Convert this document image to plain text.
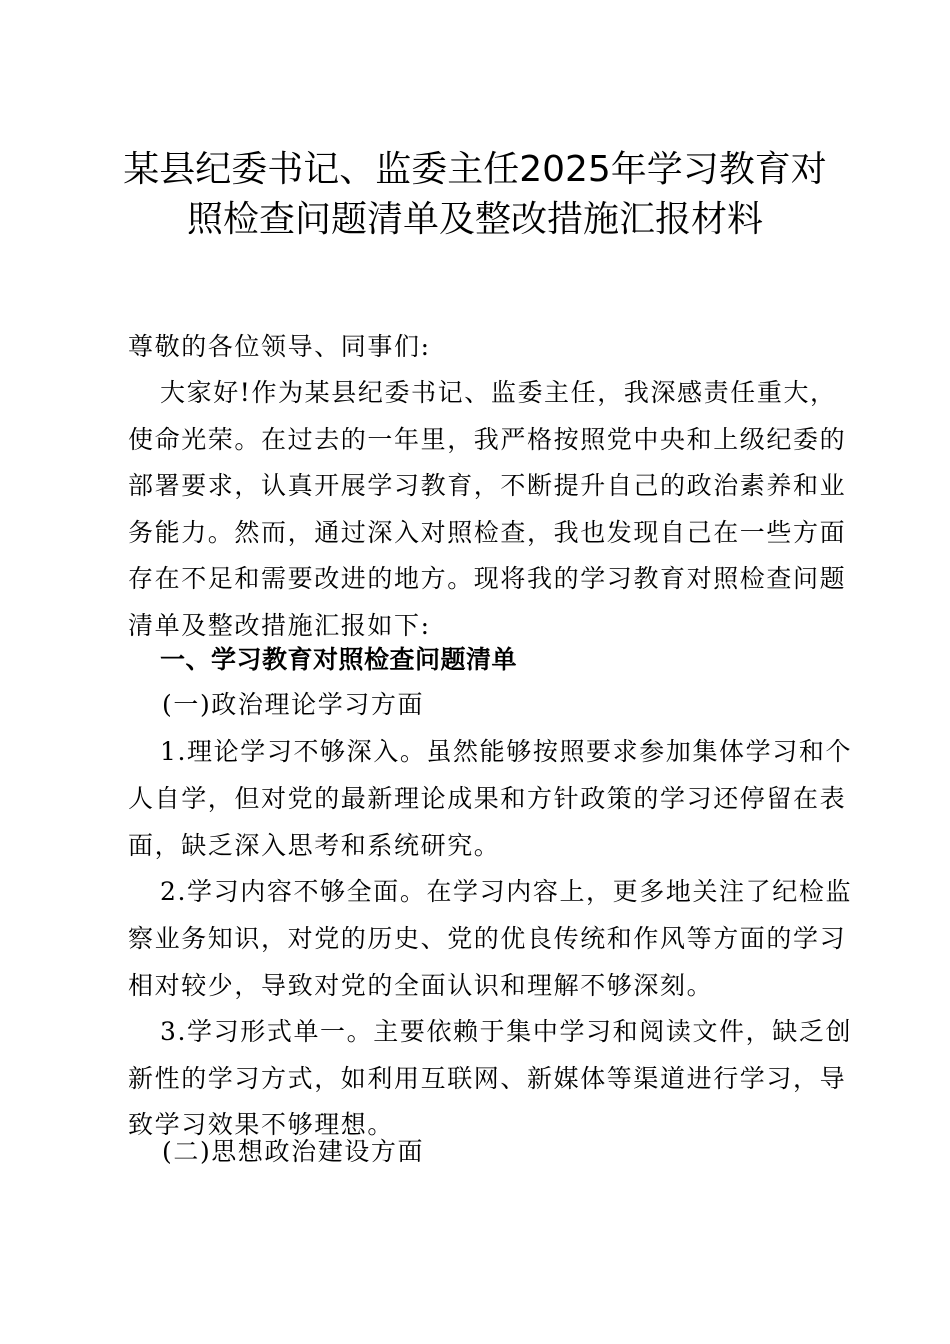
某县纪委书记、监委主任2025年学习教育对
照检查问题清单及整改措施汇报材料
尊敬的各位领导、同事们:
大家好!作为某县纪委书记、监委主任，我深感责任重大，
使命光荣。在过去的一年里，我严格按照党中央和上级纪委的
部署要求，认真开展学习教育，不断提升自己的政治素养和业
务能力。然而，通过深入对照检查，我也发现自己在一些方面
存在不足和需要改进的地方。现将我的学习教育对照检查问题
清单及整改措施汇报如下:
一、学习教育对照检查问题清单
(一)政治理论学习方面
1.理论学习不够深入。虽然能够按照要求参加集体学习和个
人自学，但对党的最新理论成果和方针政策的学习还停留在表
面，缺乏深入思考和系统研究。
2.学习内容不够全面。在学习内容上，更多地关注了纪检监
察业务知识，对党的历史、党的优良传统和作风等方面的学习
相对较少，导致对党的全面认识和理解不够深刻。
3.学习形式单一。主要依赖于集中学习和阅读文件，缺乏创
新性的学习方式，如利用互联网、新媒体等渠道进行学习，导
致学习效果不够理想。
(二)思想政治建设方面
